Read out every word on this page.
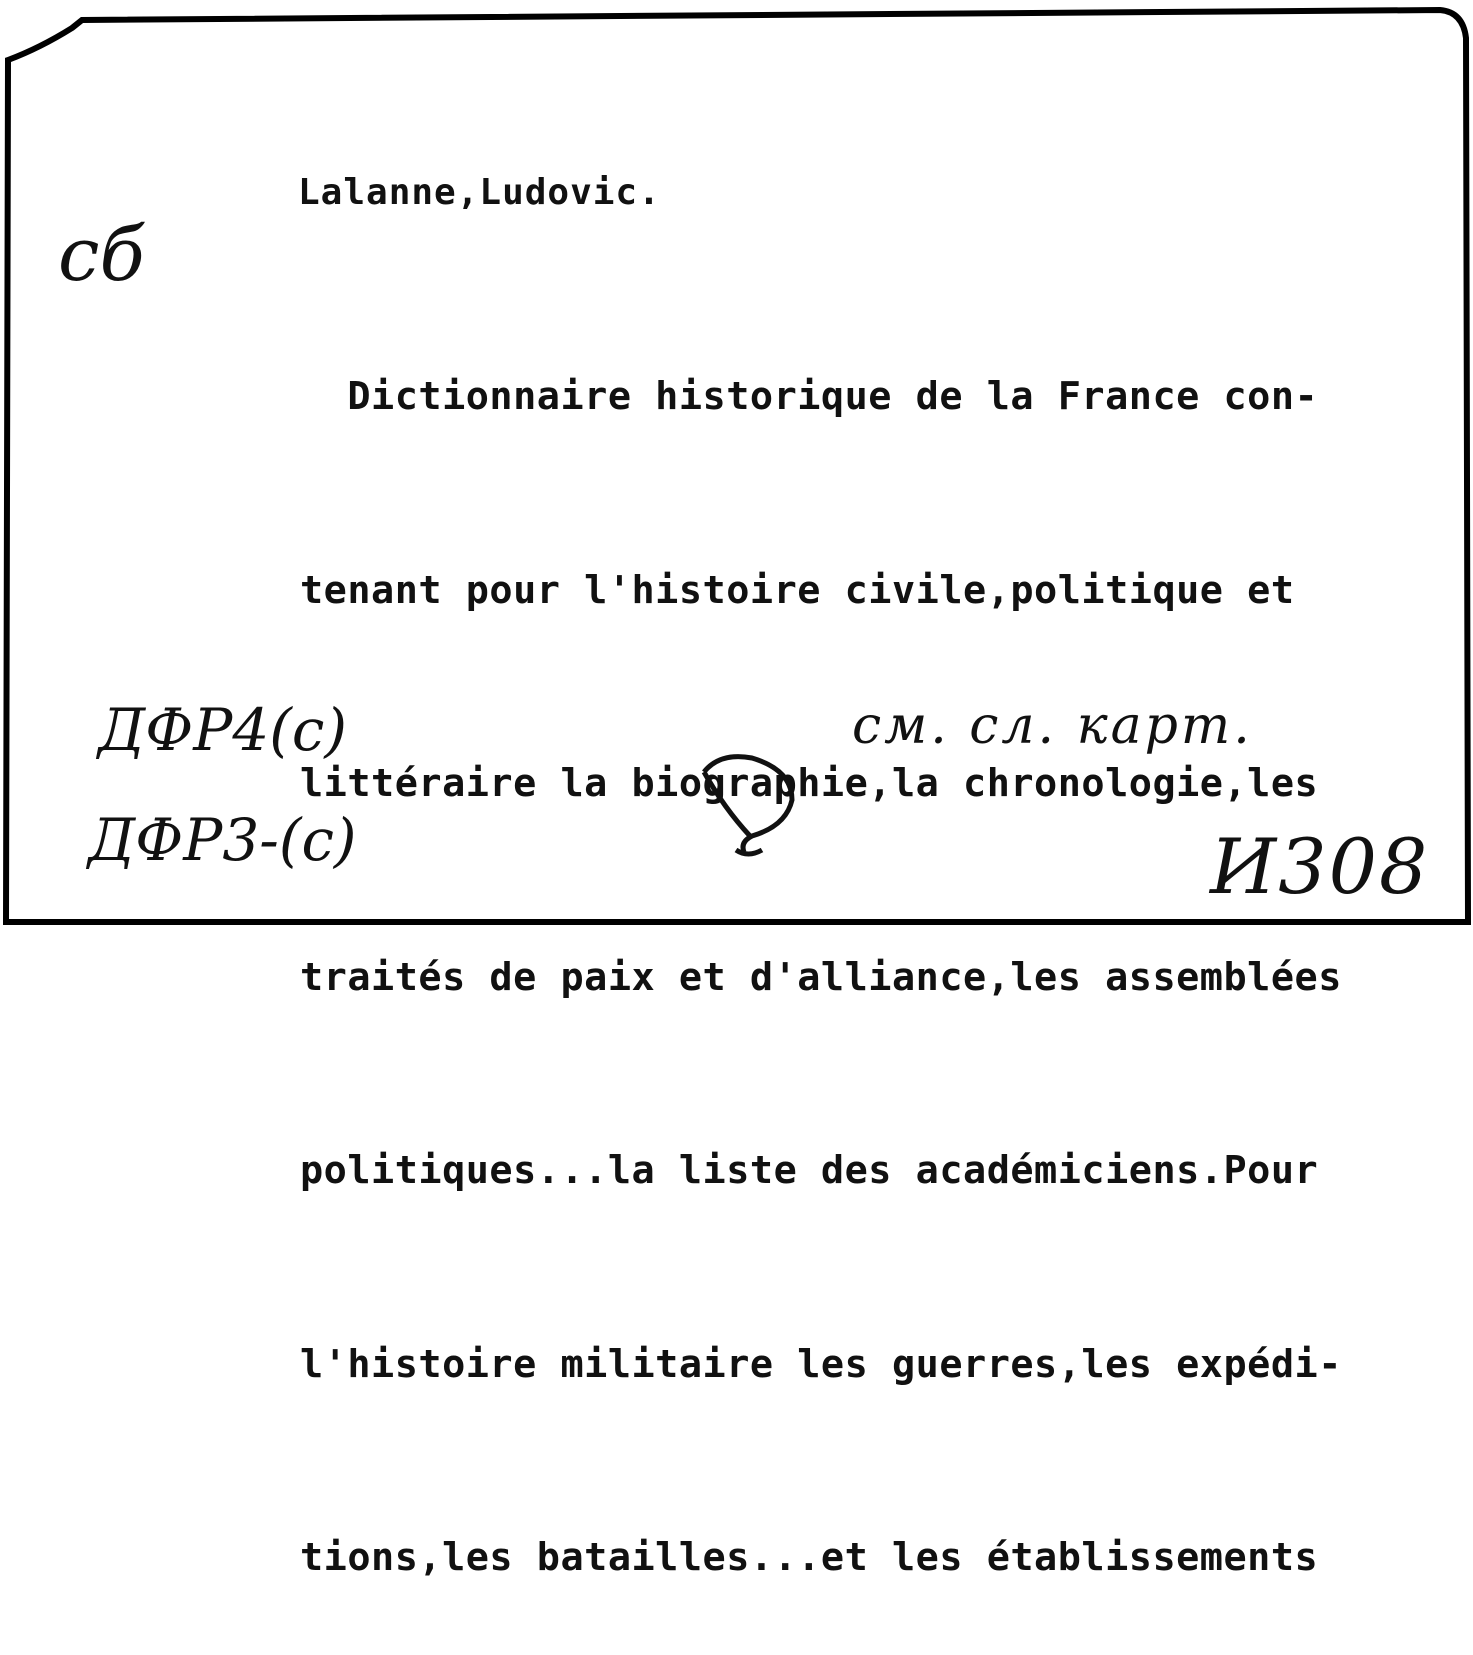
Lalanne,Ludovic.

Dictionnaire historique de la France con-

tenant pour l'histoire civile,politique et

littéraire la biographie,la chronologie,les

traités de paix et d'alliance,les assemblées

politiques...la liste des académiciens.Pour

l'histoire militaire les guerres,les expédi-

tions,les batailles...et les établissements

сб
ДФР4(с)
ДФР3-(с)
см. сл. карт.
И308
